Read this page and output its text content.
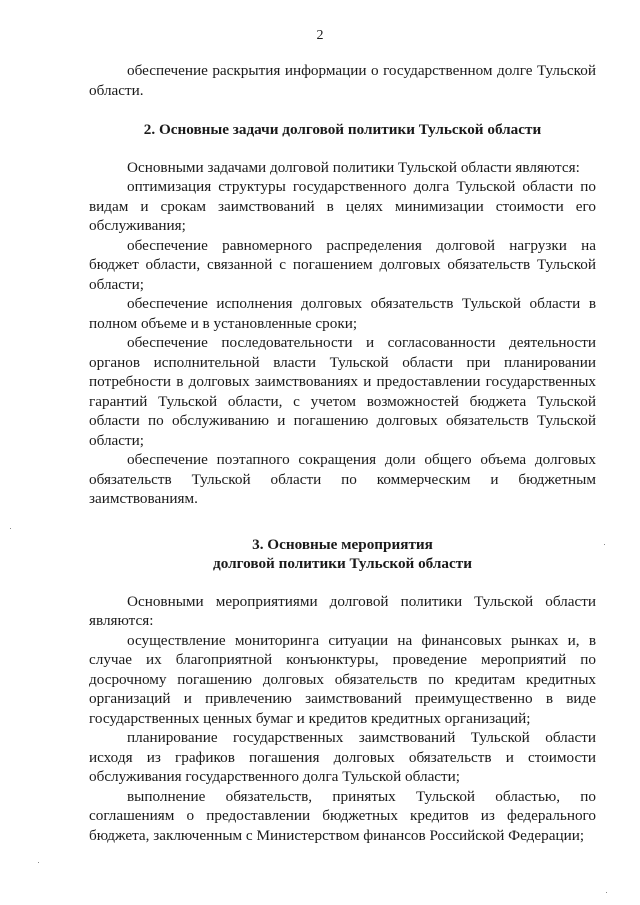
2

обеспечение раскрытия информации о государственном долге Тульской области.

2. Основные задачи долговой политики Тульской области

Основными задачами долговой политики Тульской области являются:

оптимизация структуры государственного долга Тульской области по видам и срокам заимствований в целях минимизации стоимости его обслуживания;

обеспечение равномерного распределения долговой нагрузки на бюджет области, связанной с погашением долговых обязательств Тульской области;

обеспечение исполнения долговых обязательств Тульской области в полном объеме и в установленные сроки;

обеспечение последовательности и согласованности деятельности органов исполнительной власти Тульской области при планировании потребности в долговых заимствованиях и предоставлении государственных гарантий Тульской области, с учетом возможностей бюджета Тульской области по обслуживанию и погашению долговых обязательств Тульской области;

обеспечение поэтапного сокращения доли общего объема долговых обязательств Тульской области по коммерческим и бюджетным заимствованиям.

3. Основные мероприятия

долговой политики Тульской области

Основными мероприятиями долговой политики Тульской области являются:

осуществление мониторинга ситуации на финансовых рынках и, в случае их благоприятной конъюнктуры, проведение мероприятий по досрочному погашению долговых обязательств по кредитам кредитных организаций и привлечению заимствований преимущественно в виде государственных ценных бумаг и кредитов кредитных организаций;

планирование государственных заимствований Тульской области исходя из графиков погашения долговых обязательств и стоимости обслуживания государственного долга Тульской области;

выполнение обязательств, принятых Тульской областью, по соглашениям о предоставлении бюджетных кредитов из федерального бюджета, заключенным с Министерством финансов Российской Федерации;
